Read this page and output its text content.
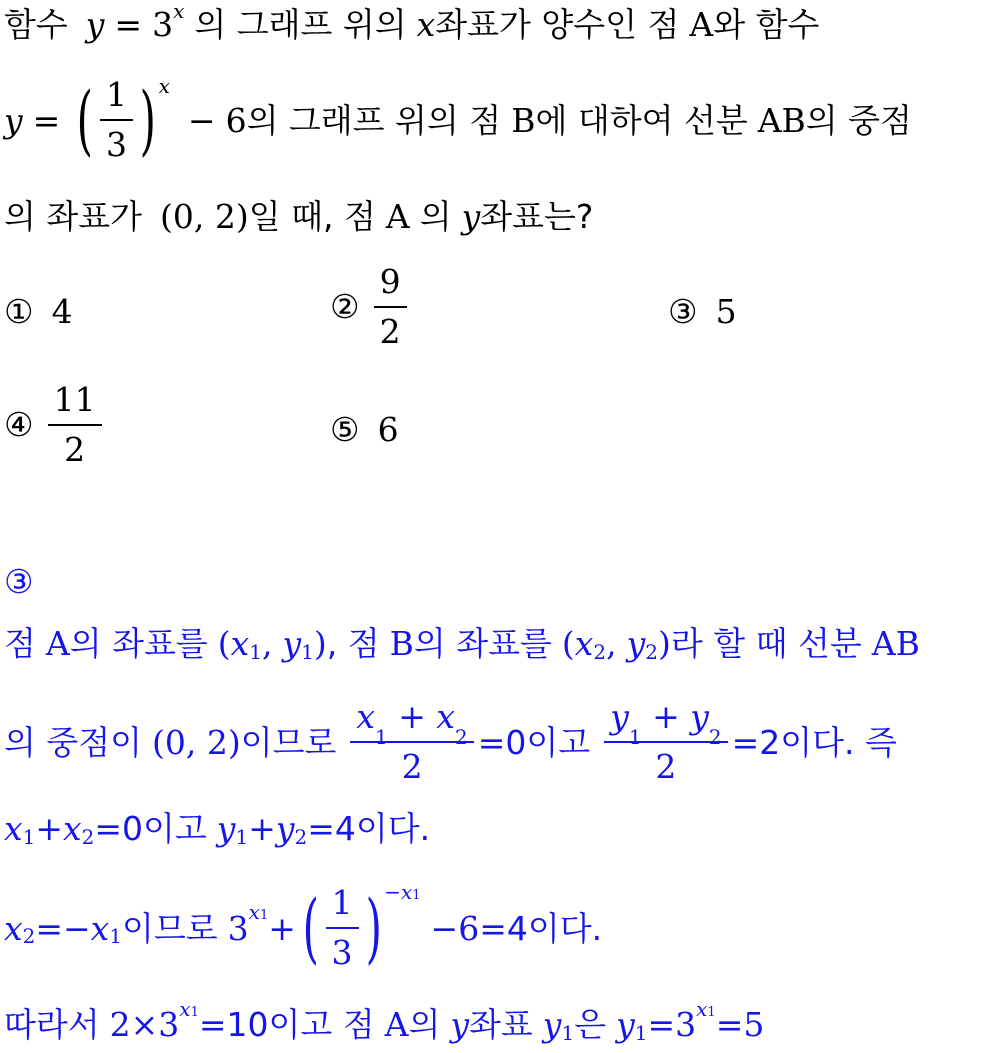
함수 $y = 3^x$ 의 그래프 위의 x 좌표가 양수인 점 A 와 함수
y = ( $\frac{1}{3} )^x$
− 6 의 그래프 위의 점 B 에 대하여 선분 AB 의 중점
의 좌표가 (0, 2) 일 때, 점 A 의 y 좌표는?
① 4	② $\frac{9}{2}$	③ 5
④ $\frac{11}{2}$	⑤ 6
③
점 A 의 좌표를 ( $x_1$ , $y_1$ ) , 점 B 의 좌표를 ( $x_2$ , $y_2$ ) 라 할 때 선분 AB
의 중점이 (0, 2) 이므로 $\frac{x_1 + x_2}{2} = 0$ 이고 $\frac{y_1 + y_2}{2} = 2$ 이다. 즉
$x_1 + x_2 = 0$ 이고 $y_1 + y_2 = 4$ 이다.
$x_2 =- x_1$ 이므로 3 $^{x1}$ + ( $\frac{1}{3}$ ) $^{-x1}$
− 6 = 4 이다.
따라서 2 × 3 $^{x1}$ = 10 이고 점 A 의 y 좌표 $y_1$ 은 $y_1 = 3$ $^{x1}$ = 5
